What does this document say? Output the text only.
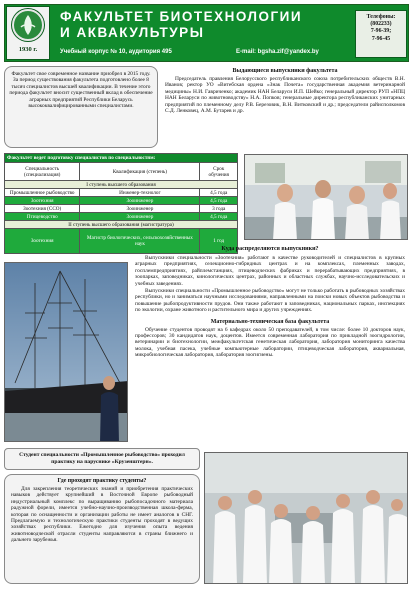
1930 г.
ФАКУЛЬТЕТ БИОТЕХНОЛОГИИ
И АКВАКУЛЬТУРЫ
Учебный корпус № 10, аудитория 495	E-mail: bgsha.zif@yandex.by
Телефоны:
(802233)
7-96-39;
7-96-45
Факультет свое современное название приобрел в 2015 году. За период существования факультета подготовлено более 8 тысяч специалистов высшей квалификации. В течение этого периода факультет вносит существенный вклад в обеспечение аграрных предприятий Республики Беларусь высококвалифицированными специалистами.
Выдающиеся выпускники факультета
Председатель правления Белорусского республиканского союза потребительских обществ В.Н. Иванов; ректор УО «Витебская ордена «Знак Почета» государственная академия ветеринарной медицины» Н.И. Гавриченко; академик НАН Беларуси И.П. Шейко; генеральный директор РУП «НПЦ НАН Беларуси по животноводству» Н.А. Попков; генеральные директора республиканских унитарных предприятий по племенному делу Р.В. Березовик, В.Н. Витковский и др.; председатели райисполкомов С.Д. Ленковец, А.М. Бутарев и др.
Факультет ведет подготовку специалистов по специальностям:		
Специальность (специализация)	Квалификация (степень)	Срок обучения
I ступень высшего образования		
Промышленное рыбоводство	Инженер-технолог	4,5 года
Зоотехния	Зооинженер	4,5 года
Зоотехния (ССО)	Зооинженер	3 года
Птицеводство	Зооинженер	4,5 года
II ступень высшего образования (магистратура)		
Зоотехния	Магистр биологических, сельскохозяйственных наук	1 год
Куда распределяются выпускники?
Выпускники специальности «Зоотехния» работают в качестве руководителей и специалистов в крупных аграрных предприятиях, селекционно-гибридных центрах и на комплексах, племенных заводах, госплемпредприятиях, райплемстанциях, птицеводческих фабриках и перерабатывающих предприятиях, в зоопарках, заповедниках, кинологических центрах, районных и областных службах, научно-исследовательских и учебных заведениях.
Выпускники специальности «Промышленное рыбоводство» могут не только работать в рыбоводных хозяйствах республики, но и заниматься научными исследованиями, направленными на поиски новых объектов рыбоводства и повышение рыбопродуктивности прудов. Они также работают в заповедниках, национальных парках, инспекциях по экологии, охране животного и растительного мира и других учреждениях.
Материально-техническая база факультета
Обучение студентов проводят на 6 кафедрах около 50 преподавателей, в том числе: более 10 докторов наук, профессоров; 30 кандидатов наук, доцентов. Имеется современная лаборатория по прикладной зоогидрологии, ветеринарии и биотехнологии, межфакультетская генетическая лаборатория, лаборатория мониторинга качества молока, учебная пасека, учебные компьютерные лаборатории, птицеводческая лаборатория, аквариальная, микробиологическая лаборатория, лаборатория зоогигиены.
Студент специальности «Промышленное рыбоводство» проходил практику на паруснике «Крузенштерн».
Где проходят практику студенты?
Для закрепления теоретических знаний и приобретения практических навыков действует крупнейший в Восточной Европе рыбоводный индустриальный комплекс по выращиванию рыбопосадочного материала радужной форели, имеется учебно-научно-производственная школа-ферма, которая по оснащенности и организации работы не имеет аналогов в СНГ. Предлагаемую и технологическую практики студенты проходят в ведущих хозяйствах республики. Ежегодно для изучения опыта ведения животноводческой отрасли студенты направляются в страны ближнего и дальнего зарубежья.
